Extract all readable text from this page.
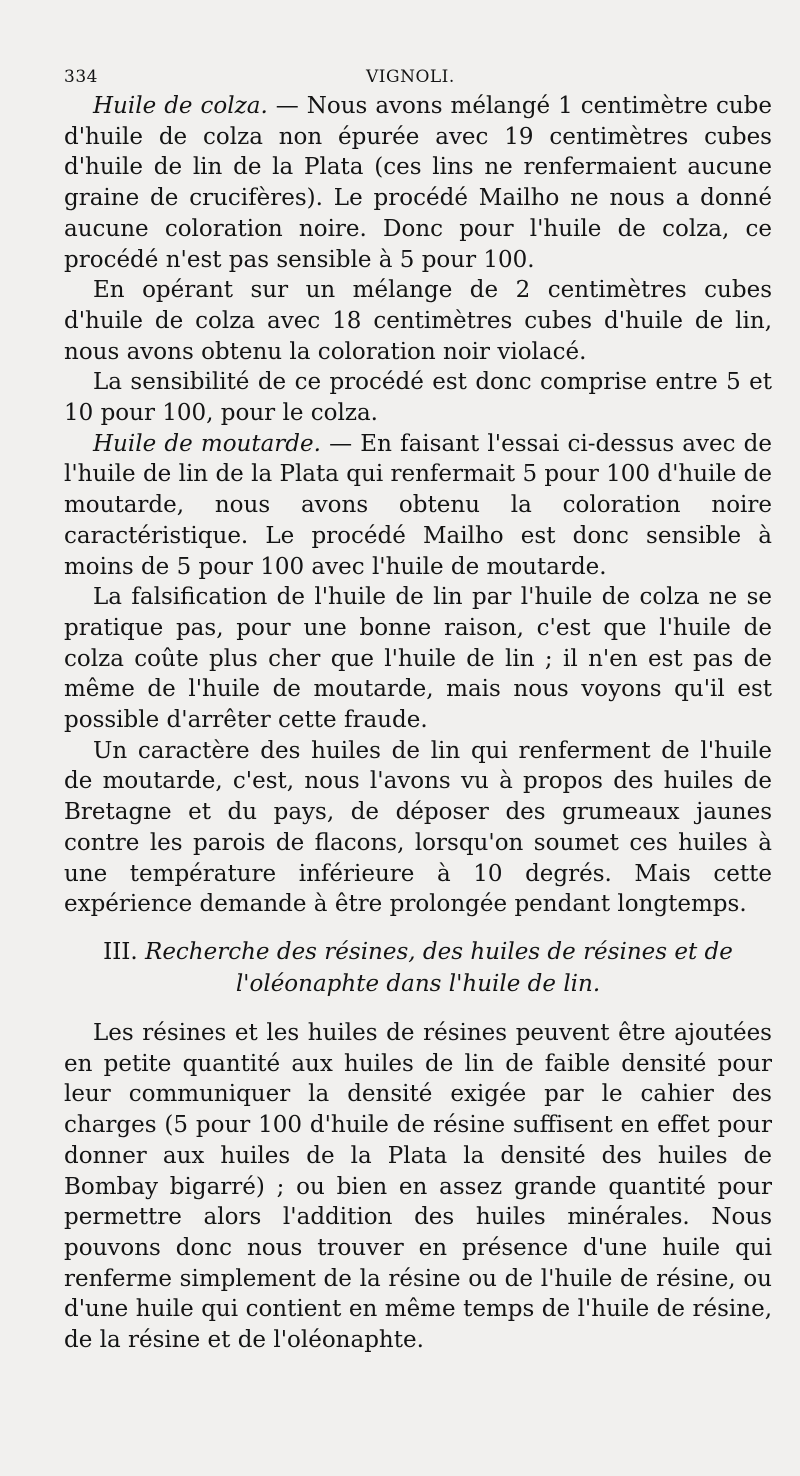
334	VIGNOLI.

Huile de colza. — Nous avons mélangé 1 centimètre cube d'huile de colza non épurée avec 19 centimètres cubes d'huile de lin de la Plata (ces lins ne renfermaient aucune graine de crucifères). Le procédé Mailho ne nous a donné aucune coloration noire. Donc pour l'huile de colza, ce procédé n'est pas sensible à 5 pour 100.

En opérant sur un mélange de 2 centimètres cubes d'huile de colza avec 18 centimètres cubes d'huile de lin, nous avons obtenu la coloration noir violacé.

La sensibilité de ce procédé est donc comprise entre 5 et 10 pour 100, pour le colza.

Huile de moutarde. — En faisant l'essai ci-dessus avec de l'huile de lin de la Plata qui renfermait 5 pour 100 d'huile de moutarde, nous avons obtenu la coloration noire caractéristique. Le procédé Mailho est donc sensible à moins de 5 pour 100 avec l'huile de moutarde.

La falsification de l'huile de lin par l'huile de colza ne se pratique pas, pour une bonne raison, c'est que l'huile de colza coûte plus cher que l'huile de lin ; il n'en est pas de même de l'huile de moutarde, mais nous voyons qu'il est possible d'arrêter cette fraude.

Un caractère des huiles de lin qui renferment de l'huile de moutarde, c'est, nous l'avons vu à propos des huiles de Bretagne et du pays, de déposer des grumeaux jaunes contre les parois de flacons, lorsqu'on soumet ces huiles à une température inférieure à 10 degrés. Mais cette expérience demande à être prolongée pendant longtemps.

III. Recherche des résines, des huiles de résines et de l'oléonaphte dans l'huile de lin.

Les résines et les huiles de résines peuvent être ajoutées en petite quantité aux huiles de lin de faible densité pour leur communiquer la densité exigée par le cahier des charges (5 pour 100 d'huile de résine suffisent en effet pour donner aux huiles de la Plata la densité des huiles de Bombay bigarré) ; ou bien en assez grande quantité pour permettre alors l'addition des huiles minérales. Nous pouvons donc nous trouver en présence d'une huile qui renferme simplement de la résine ou de l'huile de résine, ou d'une huile qui contient en même temps de l'huile de résine, de la résine et de l'oléonaphte.
